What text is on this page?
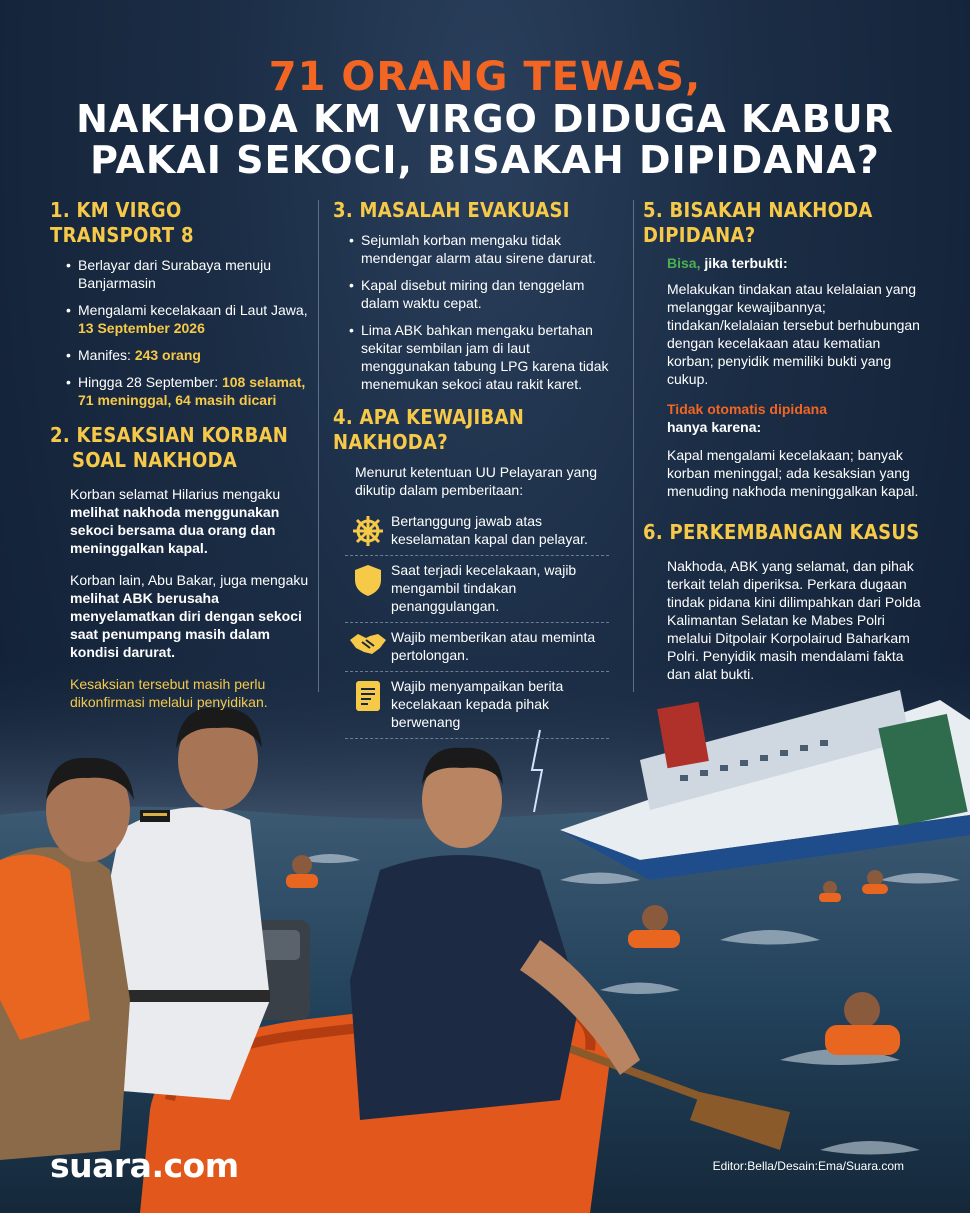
71 ORANG TEWAS,
NAKHODA KM VIRGO DIDUGA KABUR
PAKAI SEKOCI, BISAKAH DIPIDANA?
1. KM VIRGO TRANSPORT 8
• Berlayar dari Surabaya menuju Banjarmasin
• Mengalami kecelakaan di Laut Jawa, 13 September 2026
• Manifes: 243 orang
• Hingga 28 September: 108 selamat, 71 meninggal, 64 masih dicari
2. KESAKSIAN KORBAN
SOAL NAKHODA

Korban selamat Hilarius mengaku melihat nakhoda menggunakan sekoci bersama dua orang dan meninggalkan kapal.

Korban lain, Abu Bakar, juga mengaku melihat ABK berusaha menyelamatkan diri dengan sekoci saat penumpang masih dalam kondisi darurat.

Kesaksian tersebut masih perlu dikonfirmasi melalui penyidikan.

3. MASALAH EVAKUASI
• Sejumlah korban mengaku tidak mendengar alarm atau sirene darurat.
• Kapal disebut miring dan tenggelam dalam waktu cepat.
• Lima ABK bahkan mengaku bertahan sekitar sembilan jam di laut menggunakan tabung LPG karena tidak menemukan sekoci atau rakit karet.
4. APA KEWAJIBAN NAKHODA?

Menurut ketentuan UU Pelayaran yang dikutip dalam pemberitaan:

Bertanggung jawab atas keselamatan kapal dan pelayar.
Saat terjadi kecelakaan, wajib mengambil tindakan penanggulangan.
Wajib memberikan atau meminta pertolongan.
Wajib menyampaikan berita kecelakaan kepada pihak berwenang
5. BISAKAH NAKHODA DIPIDANA?

Bisa, jika terbukti:

Melakukan tindakan atau kelalaian yang melanggar kewajibannya; tindakan/kelalaian tersebut berhubungan dengan kecelakaan atau kematian korban; penyidik memiliki bukti yang cukup.

Tidak otomatis dipidana
hanya karena:

Kapal mengalami kecelakaan; banyak korban meninggal; ada kesaksian yang menuding nakhoda meninggalkan kapal.

6. PERKEMBANGAN KASUS

Nakhoda, ABK yang selamat, dan pihak terkait telah diperiksa. Perkara dugaan tindak pidana kini dilimpahkan dari Polda Kalimantan Selatan ke Mabes Polri melalui Ditpolair Korpolairud Baharkam Polri. Penyidik masih mendalami fakta dan alat bukti.

suara.com	Editor:Bella/Desain:Ema/Suara.com
